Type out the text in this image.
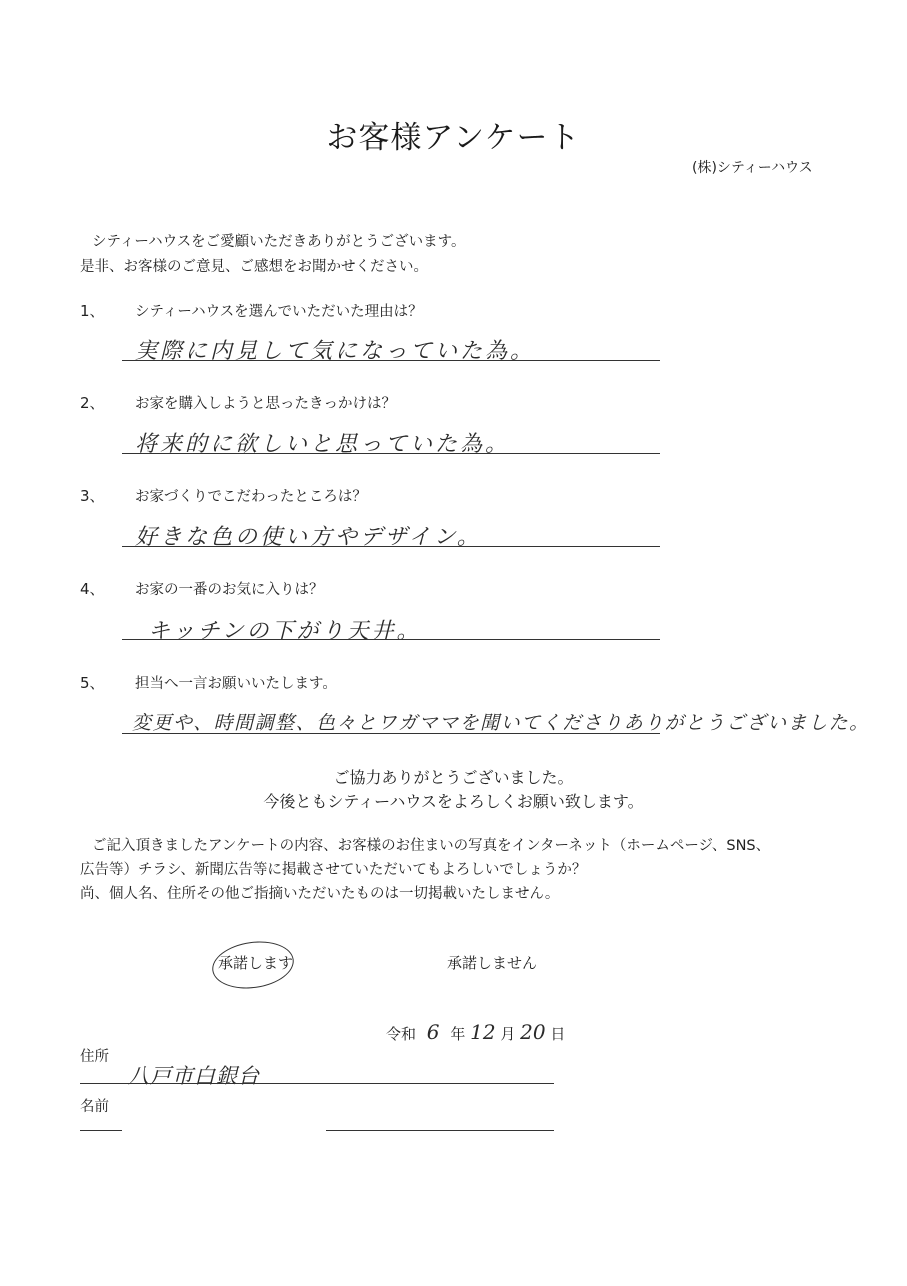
お客様アンケート
(株)シティーハウス
シティーハウスをご愛顧いただきありがとうございます。
是非、お客様のご意見、ご感想をお聞かせください。
1、 シティーハウスを選んでいただいた理由は？
実際に内見して気になっていた為。
2、 お家を購入しようと思ったきっかけは？
将来的に欲しいと思っていた為。
3、 お家づくりでこだわったところは？
好きな色の使い方やデザイン。
4、 お家の一番のお気に入りは？
キッチンの下がり天井。
5、 担当へ一言お願いいたします。
変更や、時間調整、色々とワガママを聞いてくださりありがとうございました。
ご協力ありがとうございました。
今後ともシティーハウスをよろしくお願い致します。
ご記入頂きましたアンケートの内容、お客様のお住まいの写真をインターネット（ホームページ、SNS、
広告等）チラシ、新聞広告等に掲載させていただいてもよろしいでしょうか？
尚、個人名、住所その他ご指摘いただいたものは一切掲載いたしません。
承諾します	承諾しません
令和 6 年 12 月 20 日
住所
八戸市白銀台
名前
